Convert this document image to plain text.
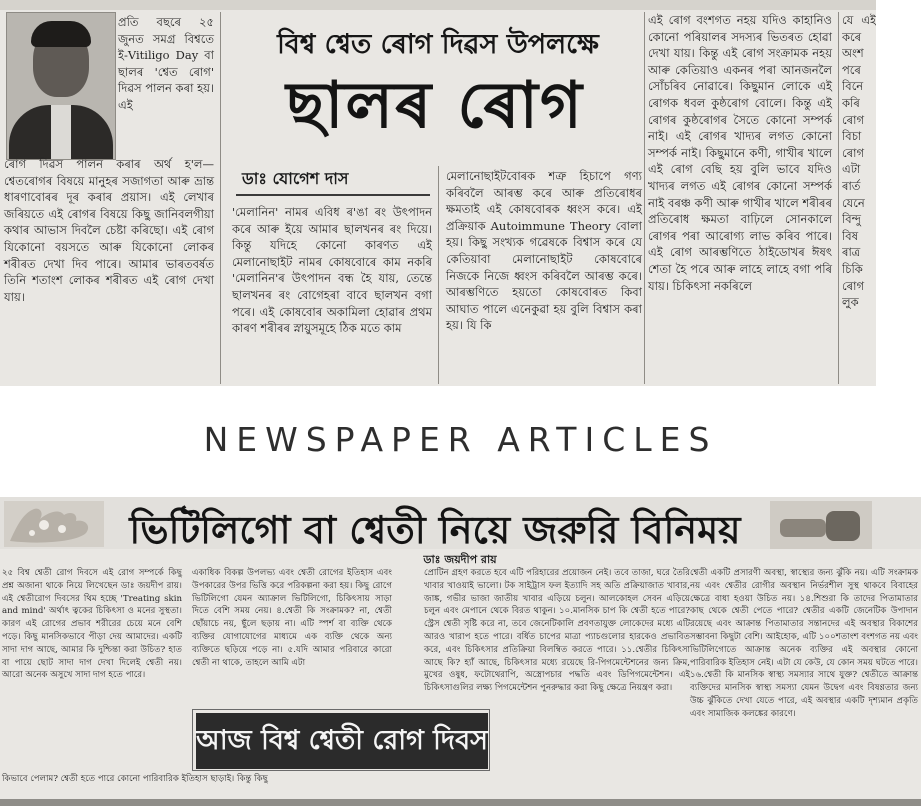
প্ৰতি বছৰে ২৫ জুনত সমগ্ৰ বিশ্বতে ই-Vitiligo Day বা ছালৰ 'শ্বেত ৰোগ' দিৱস পালন কৰা হয়। এই

ৰোগ দিৱস পালন কৰাৰ অৰ্থ হ'ল— শ্বেতৰোগৰ বিষয়ে মানুহৰ সজাগতা আৰু ভ্ৰান্ত ধাৰণাবোৰৰ দূৰ কৰাৰ প্ৰয়াস। এই লেখাৰ জৰিয়তে এই ৰোগৰ বিষয়ে কিছু জানিবলগীয়া কথাৰ আভাস দিবলৈ চেষ্টা কৰিছো। এই ৰোগ যিকোনো বয়সতে আৰু যিকোনো লোকৰ শৰীৰত দেখা দিব পাৰে। আমাৰ ভাৰতবৰ্ষত তিনি শতাংশ লোকৰ শৰীৰত এই ৰোগ দেখা যায়।

বিশ্ব শ্বেত ৰোগ দিৱস উপলক্ষে
ছালৰ ৰোগ
ডাঃ যোগেশ দাস

'মেলানিন' নামৰ এবিধ ৰ'ঙা ৰং উৎপাদন কৰে আৰু ইয়ে আমাৰ ছালখনৰ ৰং দিয়ে। কিন্তু যদিহে কোনো কাৰণত এই মেলানোছাইট নামৰ কোষবোৰে কাম নকৰি 'মেলানিন'ৰ উৎপাদন বন্ধ হৈ যায়, তেন্তে ছালখনৰ ৰং বোগেহৰা বাবে ছালখন বগা পৰে। এই কোষবোৰ অকামিলা হোৱাৰ প্ৰথম কাৰণ শৰীৰৰ স্নায়ুসমূহে ঠিক মতে কাম

মেলানোছাইটবোৰক শত্ৰু হিচাপে গণ্য কৰিবলৈ আৰম্ভ কৰে আৰু প্ৰতিৰোধৰ ক্ষমতাই এই কোষবোৰক ধ্বংস কৰে। এই প্ৰক্ৰিয়াক Autoimmune Theory বোলা হয়। কিছু সংখ্যক গৱেষকে বিশ্বাস কৰে যে কেতিয়াবা মেলানোছাইট কোষবোৰে নিজকে নিজে ধ্বংস কৰিবলৈ আৰম্ভ কৰে। আৰম্ভণিতে হয়তো কোষবোৰত কিবা আঘাত পালে এনেকুৱা হয় বুলি বিশ্বাস কৰা হয়। যি কি

এই ৰোগ বংশগত নহয় যদিও কাহানিও কোনো পৰিয়ালৰ সদস্যৰ ভিতৰত হোৱা দেখা যায়। কিন্তু এই ৰোগ সংক্ৰামক নহয় আৰু কেতিয়াও একনৰ পৰা আনজনলৈ সোঁচৰিব নোৱাৰে। কিছুমান লোকে এই ৰোগক ধবল কুষ্ঠৰোগ বোলে। কিন্তু এই ৰোগৰ কুষ্ঠৰোগৰ সৈতে কোনো সম্পৰ্ক নাই। এই ৰোগৰ খাদ্যৰ লগত কোনো সম্পৰ্ক নাই। কিছুমানে কণী, গাখীৰ খালে এই ৰোগ বেছি হয় বুলি ভাবে যদিও খাদ্যৰ লগত এই ৰোগৰ কোনো সম্পৰ্ক নাই বৰঞ্চ কণী আৰু গাখীৰ খালে শৰীৰৰ প্ৰতিৰোধ ক্ষমতা বাঢ়িলে সোনকালে ৰোগৰ পৰা আৰোগ্য লাভ কৰিব পাৰে। এই ৰোগ আৰম্ভণিতে ঠাইডোখৰ ঈষৎ শেতা হৈ পৰে আৰু লাহে লাহে বগা পৰি যায়। চিকিৎসা নকৰিলে

যে এই কৰে অংশ পৰে বিনে কৰি ৰোগ বিচা ৰোগ এটা ৰাৰ্ত যেনে বিন্দু বিষ ৰাত্ৰ চিকি ৰোগ লুক

NEWSPAPER ARTICLES
ভিটিলিগো বা শ্বেতী নিয়ে জরুরি বিনিময়
ডাঃ জয়দীপ রায়

২৫ বিশ্ব শ্বেতী রোগ দিবসে এই রোগ সম্পর্কে কিছু প্রশ্ন অজানা থাকে নিয়ে লিখেছেন ডাঃ জয়দীপ রায়। এই শ্বেতীরোগ দিবসের থিম হচ্ছে 'Treating skin and mind' অর্থাৎ ত্বকের চিকিৎসা ও মনের সুস্থতা। কারণ এই রোগের প্রভাব শরীরের চেয়ে মনে বেশি পড়ে। কিছু মানসিকভাবে পীড়া দেয় আমাদের। একটি সাদা দাগ আছে, আমার কি দুশ্চিন্তা করা উচিত? হাত বা পায়ে ছোট সাদা দাগ দেখা দিলেই শ্বেতী নয়। আরো অনেক অসুখে সাদা দাগ হতে পারে।

একাধিক বিকল্প উপলভ্য এবং শ্বেতী রোগের ইতিহাস এবং উপকারের উপর ভিত্তি করে পরিকল্পনা করা হয়। কিছু রোগে ভিটিলিগো যেমন অ্যাক্রাল ভিটিলিগো, চিকিৎসায় সাড়া দিতে বেশি সময় নেয়। ৪.শ্বেতী কি সংক্রামক? না, শ্বেতী ছোঁয়াচে নয়, ছুঁলে ছড়ায় না। এটি স্পর্শ বা ব্যক্তি থেকে ব্যক্তির যোগাযোগের মাধ্যমে এক ব্যক্তি থেকে অন্য ব্যক্তিতে ছড়িয়ে পড়ে না। ৫.যদি আমার পরিবারে কারো শ্বেতী না থাকে, তাহলে আমি এটা

প্রোটিন গ্রহণ করতে হবে এটি পরিহারের প্রয়োজন নেই। তবে তাজা, ঘরে তৈরি খাবার খাওয়াই ভালো। টক সাইট্রাস ফল ইত্যাদি সহ অতি প্রক্রিয়াজাত খাবার, জাঙ্ক, গভীর ভাজা জাতীয় খাবার এড়িয়ে চলুন। আলকোহল সেবন এড়িয়ে চলুন এবং মেপানে থেকে বিরত থাকুন। ১০.মানসিক চাপ কি শ্বেতী হতে পারে? স্ট্রেস শ্বেতী সৃষ্টি করে না, তবে জেনেটিকালি প্রবণতাযুক্ত লোকেদের মধ্যে এটি আরও খারাপ হতে পারে। বর্ধিত চাপের মাত্রা প্যাচগুলোর হারকেও প্রভাবিত করে, এবং চিকিৎসার প্রতিক্রিয়া বিলম্বিত করতে পারে। ১১.শ্বেতীর চিকিৎসা আছে কি? হ্যাঁ আছে, চিকিৎসার মধ্যে রয়েছে রি-পিগমেন্টেশনের জন্য ক্রিম, মুখের ওষুধ, ফটোথেরাপি, অস্ত্রোপচার পদ্ধতি এবং ডিপিগমেন্টেশন। এই চিকিৎসাগুলির লক্ষ্য পিগমেন্টেশন পুনরুদ্ধার করা কিছু ক্ষেত্রে নিয়ন্ত্রণ করা।

শ্বেতী একটি প্রসারণী অবস্থা, স্বাস্থ্যের জন্য ঝুঁকি নয়। এটি সংক্রামক নয় এবং শ্বেতীর রোগীর অবস্থান নির্ভরশীল সুস্থ থাকবে বিবাহের ক্ষেত্রে বাধা হওয়া উচিত নয়। ১৪.শিশুরা কি তাদের পিতামাতার কাছ থেকে শ্বেতী পেতে পারে? শ্বেতীর একটি জেনেটিক উপাদান রয়েছে এবং আক্রান্ত পিতামাতার সন্তানদের এই অবস্থার বিকাশের সম্ভাবনা কিছুটা বেশি। আইহোক, এটি ১০০শতাংশ বংশগত নয় এবং ভিটিলিগোতে আক্রান্ত অনেক ব্যক্তির এই অবস্থার কোনো পারিবারিক ইতিহাস নেই। এটা যে কেউ, যে কোন সময় ঘটতে পারে। ১৬.শ্বেতী কি মানসিক স্বাস্থ্য সমস্যার সাথে যুক্ত? শ্বেতীতে আক্রান্ত ব্যক্তিদের মানসিক স্বাস্থ্য সমস্যা যেমন উদ্বেগ এবং বিষণ্ণতার জন্য উচ্চ ঝুঁকিতে দেখা যেতে পারে, এই অবস্থার একটি দৃশ্যমান প্রকৃতি এবং সামাজিক কলঙ্কের কারণে।

আজ বিশ্ব শ্বেতী রোগ দিবস

কিভাবে পেলাম? শ্বেতী হতে পারে কোনো পারিবারিক ইতিহাস ছাড়াই। কিন্তু কিছু
